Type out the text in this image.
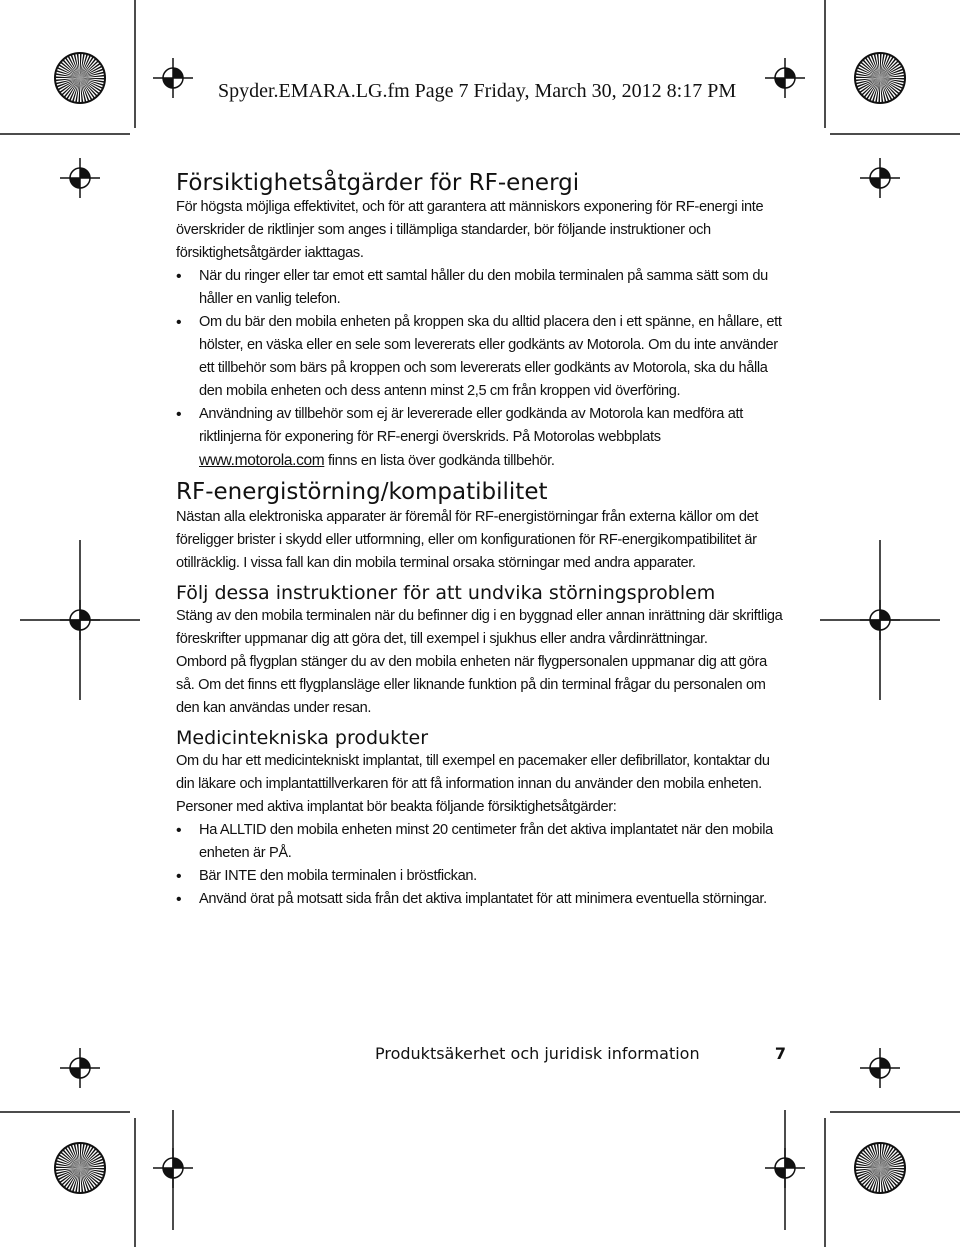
Spyder.EMARA.LG.fm Page 7 Friday, March 30, 2012 8:17 PM
Försiktighetsåtgärder för RF-energi

För högsta möjliga effektivitet, och för att garantera att människors exponering för RF-energi inte överskrider de riktlinjer som anges i tillämpliga standarder, bör följande instruktioner och försiktighetsåtgärder iakttagas.

• När du ringer eller tar emot ett samtal håller du den mobila terminalen på samma sätt som du håller en vanlig telefon.
• Om du bär den mobila enheten på kroppen ska du alltid placera den i ett spänne, en hållare, ett hölster, en väska eller en sele som levererats eller godkänts av Motorola. Om du inte använder ett tillbehör som bärs på kroppen och som levererats eller godkänts av Motorola, ska du hålla den mobila enheten och dess antenn minst 2,5 cm från kroppen vid överföring.
• Användning av tillbehör som ej är levererade eller godkända av Motorola kan medföra att riktlinjerna för exponering för RF-energi överskrids. På Motorolas webbplats www.motorola.com finns en lista över godkända tillbehör.
RF-energistörning/kompatibilitet

Nästan alla elektroniska apparater är föremål för RF-energistörningar från externa källor om det föreligger brister i skydd eller utformning, eller om konfigurationen för RF-energikompatibilitet är otillräcklig. I vissa fall kan din mobila terminal orsaka störningar med andra apparater.

Följ dessa instruktioner för att undvika störningsproblem

Stäng av den mobila terminalen när du befinner dig i en byggnad eller annan inrättning där skriftliga föreskrifter uppmanar dig att göra det, till exempel i sjukhus eller andra vårdinrättningar.

Ombord på flygplan stänger du av den mobila enheten när flygpersonalen uppmanar dig att göra så. Om det finns ett flygplansläge eller liknande funktion på din terminal frågar du personalen om den kan användas under resan.

Medicintekniska produkter

Om du har ett medicintekniskt implantat, till exempel en pacemaker eller defibrillator, kontaktar du din läkare och implantattillverkaren för att få information innan du använder den mobila enheten.

Personer med aktiva implantat bör beakta följande försiktighetsåtgärder:

• Ha ALLTID den mobila enheten minst 20 centimeter från det aktiva implantatet när den mobila enheten är PÅ.
• Bär INTE den mobila terminalen i bröstfickan.
• Använd örat på motsatt sida från det aktiva implantatet för att minimera eventuella störningar.
Produktsäkerhet och juridisk information	7
